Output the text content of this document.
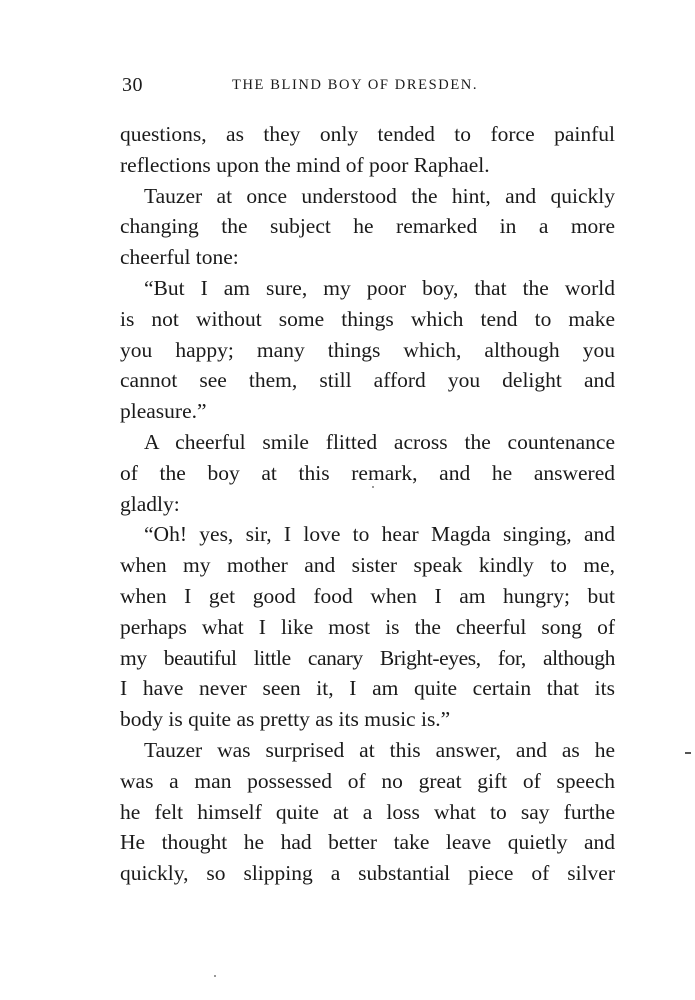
30	THE BLIND BOY OF DRESDEN.
questions, as they only tended to force painful
reflections upon the mind of poor Raphael.
Tauzer at once understood the hint, and quickly
changing the subject he remarked in a more
cheerful tone:
“But I am sure, my poor boy, that the world
is not without some things which tend to make
you happy; many things which, although you
cannot see them, still afford you delight and
pleasure.”
A cheerful smile flitted across the countenance
of the boy at this remark, and he answered
gladly:
“Oh! yes, sir, I love to hear Magda singing, and
when my mother and sister speak kindly to me,
when I get good food when I am hungry; but
perhaps what I like most is the cheerful song of
my beautiful little canary Bright-eyes, for, although
I have never seen it, I am quite certain that its
body is quite as pretty as its music is.”
Tauzer was surprised at this answer, and as he
was a man possessed of no great gift of speech
he felt himself quite at a loss what to say furthe
He thought he had better take leave quietly and
quickly, so slipping a substantial piece of silver
